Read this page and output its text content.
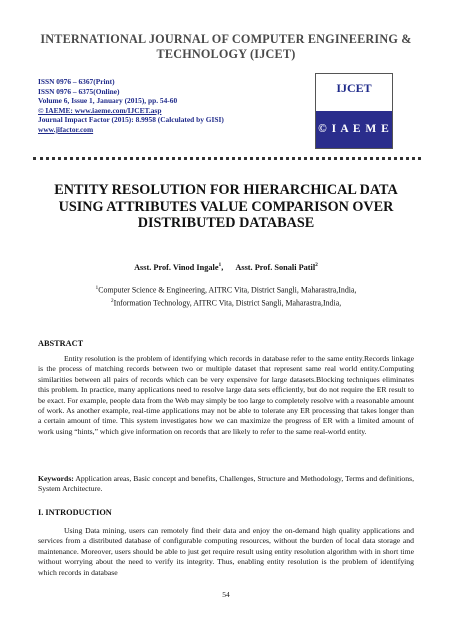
INTERNATIONAL JOURNAL OF COMPUTER ENGINEERING &
TECHNOLOGY (IJCET)
ISSN 0976 – 6367(Print)
ISSN 0976 – 6375(Online)
Volume 6, Issue 1, January (2015), pp. 54-60
© IAEME: www.iaeme.com/IJCET.asp
Journal Impact Factor (2015): 8.9958 (Calculated by GISI)
www.jifactor.com
IJCET
© I A E M E
ENTITY RESOLUTION FOR HIERARCHICAL DATA
USING ATTRIBUTES VALUE COMPARISON OVER
DISTRIBUTED DATABASE
Asst. Prof. Vinod Ingale$^1$, Asst. Prof. Sonali Patil$^2$
$^1$Computer Science & Engineering, AITRC Vita, District Sangli, Maharastra,India,
$^2$Information Technology, AITRC Vita, District Sangli, Maharastra,India,
ABSTRACT
Entity resolution is the problem of identifying which records in database refer to the same entity.Records linkage is the process of matching records between two or multiple dataset that represent same real world entity.Computing similarities between all pairs of records which can be very expensive for large datasets.Blocking techniques eliminates this problem. In practice, many applications need to resolve large data sets efficiently, but do not require the ER result to be exact. For example, people data from the Web may simply be too large to completely resolve with a reasonable amount of work. As another example, real-time applications may not be able to tolerate any ER processing that takes longer than a certain amount of time. This system investigates how we can maximize the progress of ER with a limited amount of work using “hints,” which give information on records that are likely to refer to the same real-world entity.
Keywords: Application areas, Basic concept and benefits, Challenges, Structure and Methodology, Terms and definitions, System Architecture.
I. INTRODUCTION
Using Data mining, users can remotely find their data and enjoy the on-demand high quality applications and services from a distributed database of configurable computing resources, without the burden of local data storage and maintenance. Moreover, users should be able to just get require result using entity resolution algorithm with in short time without worrying about the need to verify its integrity. Thus, enabling entity resolution is the problem of identifying which records in database
54
